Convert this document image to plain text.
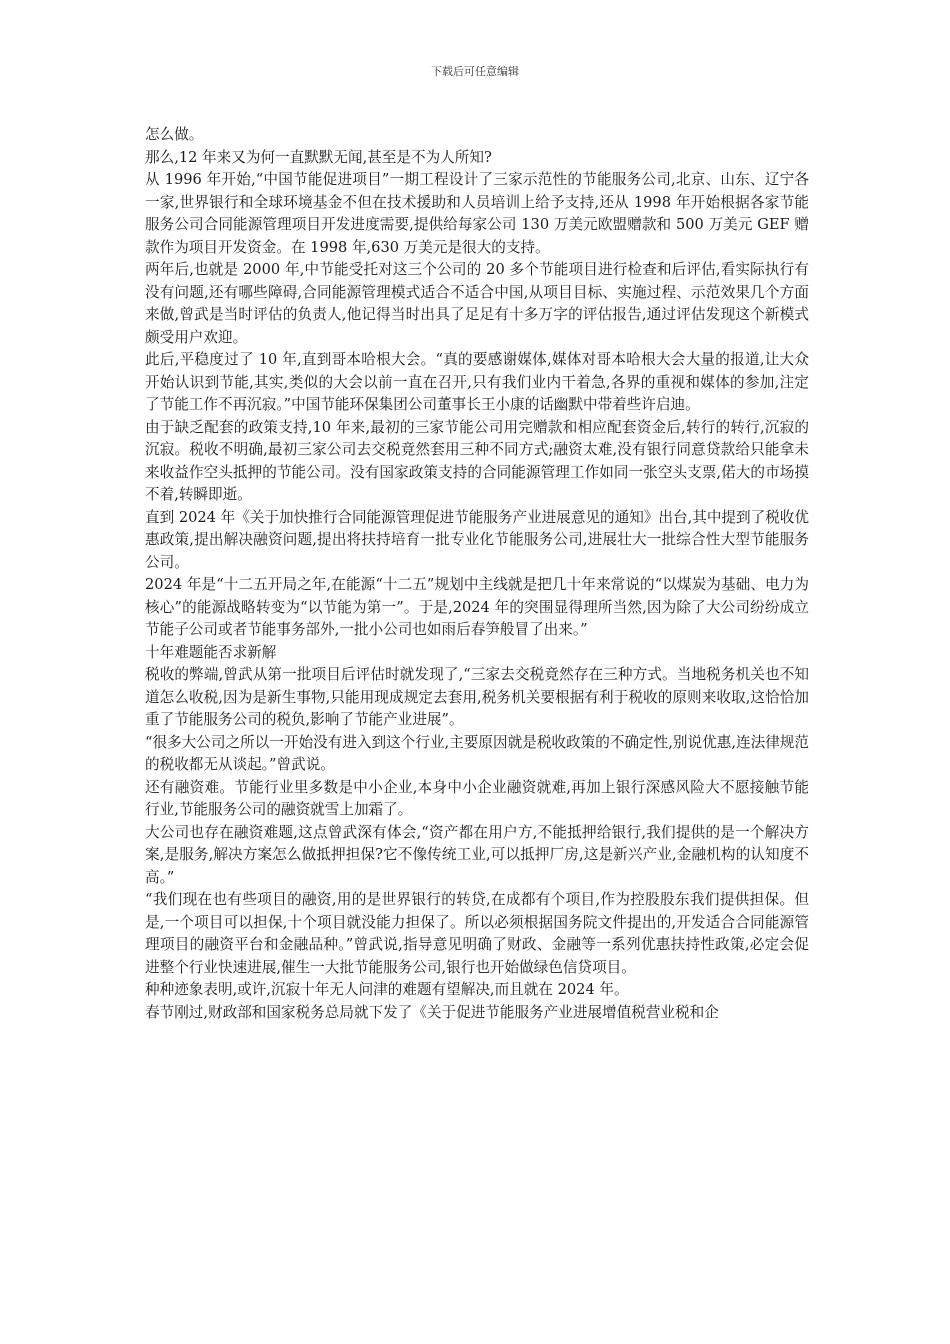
下载后可任意编辑

怎么做。

那么,12 年来又为何一直默默无闻,甚至是不为人所知?

从 1996 年开始,“中国节能促进项目”一期工程设计了三家示范性的节能服务公司,北京、山东、辽宁各一家,世界银行和全球环境基金不但在技术援助和人员培训上给予支持,还从 1998 年开始根据各家节能服务公司合同能源管理项目开发进度需要,提供给每家公司 130 万美元欧盟赠款和 500 万美元 GEF 赠款作为项目开发资金。在 1998 年,630 万美元是很大的支持。

两年后,也就是 2000 年,中节能受托对这三个公司的 20 多个节能项目进行检查和后评估,看实际执行有没有问题,还有哪些障碍,合同能源管理模式适合不适合中国,从项目目标、实施过程、示范效果几个方面来做,曾武是当时评估的负责人,他记得当时出具了足足有十多万字的评估报告,通过评估发现这个新模式颇受用户欢迎。

此后,平稳度过了 10 年,直到哥本哈根大会。“真的要感谢媒体,媒体对哥本哈根大会大量的报道,让大众开始认识到节能,其实,类似的大会以前一直在召开,只有我们业内干着急,各界的重视和媒体的参加,注定了节能工作不再沉寂。”中国节能环保集团公司董事长王小康的话幽默中带着些许启迪。

由于缺乏配套的政策支持,10 年来,最初的三家节能公司用完赠款和相应配套资金后,转行的转行,沉寂的沉寂。税收不明确,最初三家公司去交税竟然套用三种不同方式;融资太难,没有银行同意贷款给只能拿未来收益作空头抵押的节能公司。没有国家政策支持的合同能源管理工作如同一张空头支票,偌大的市场摸不着,转瞬即逝。

直到 2024 年《关于加快推行合同能源管理促进节能服务产业进展意见的通知》出台,其中提到了税收优惠政策,提出解决融资问题,提出将扶持培育一批专业化节能服务公司,进展壮大一批综合性大型节能服务公司。

2024 年是“十二五开局之年,在能源“十二五”规划中主线就是把几十年来常说的“以煤炭为基础、电力为核心”的能源战略转变为“以节能为第一”。于是,2024 年的突围显得理所当然,因为除了大公司纷纷成立节能子公司或者节能事务部外,一批小公司也如雨后春笋般冒了出来。”

十年难题能否求新解

税收的弊端,曾武从第一批项目后评估时就发现了,“三家去交税竟然存在三种方式。当地税务机关也不知道怎么收税,因为是新生事物,只能用现成规定去套用,税务机关要根据有利于税收的原则来收取,这恰恰加重了节能服务公司的税负,影响了节能产业进展”。

“很多大公司之所以一开始没有进入到这个行业,主要原因就是税收政策的不确定性,别说优惠,连法律规范的税收都无从谈起。”曾武说。

还有融资难。节能行业里多数是中小企业,本身中小企业融资就难,再加上银行深感风险大不愿接触节能行业,节能服务公司的融资就雪上加霜了。

大公司也存在融资难题,这点曾武深有体会,“资产都在用户方,不能抵押给银行,我们提供的是一个解决方案,是服务,解决方案怎么做抵押担保?它不像传统工业,可以抵押厂房,这是新兴产业,金融机构的认知度不高。”

“我们现在也有些项目的融资,用的是世界银行的转贷,在成都有个项目,作为控股股东我们提供担保。但是,一个项目可以担保,十个项目就没能力担保了。所以必须根据国务院文件提出的,开发适合合同能源管理项目的融资平台和金融品种。”曾武说,指导意见明确了财政、金融等一系列优惠扶持性政策,必定会促进整个行业快速进展,催生一大批节能服务公司,银行也开始做绿色信贷项目。

种种迹象表明,或许,沉寂十年无人问津的难题有望解决,而且就在 2024 年。

春节刚过,财政部和国家税务总局就下发了《关于促进节能服务产业进展增值税营业税和企
